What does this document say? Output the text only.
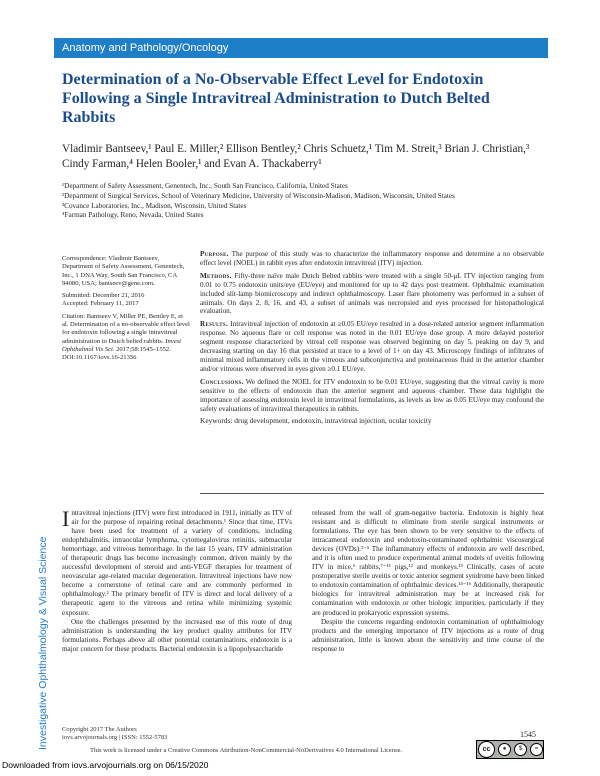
Anatomy and Pathology/Oncology
Determination of a No-Observable Effect Level for Endotoxin Following a Single Intravitreal Administration to Dutch Belted Rabbits
Vladimir Bantseev,¹ Paul E. Miller,² Ellison Bentley,² Chris Schuetz,¹ Tim M. Streit,³ Brian J. Christian,³ Cindy Farman,⁴ Helen Booler,¹ and Evan A. Thackaberry¹

¹Department of Safety Assessment, Genentech, Inc., South San Francisco, California, United States

²Department of Surgical Services, School of Veterinary Medicine, University of Wisconsin-Madison, Madison, Wisconsin, United States

³Covance Laboratories, Inc., Madison, Wisconsin, United States

⁴Farman Pathology, Reno, Nevada, United States

Correspondence: Vladimir Bantseev, Department of Safety Assessment, Genentech, Inc., 1 DNA Way, South San Francisco, CA 94080, USA; bantseev@gene.com.

Submitted: December 21, 2016
Accepted: February 11, 2017

Citation: Bantseev V, Miller PE, Bentley E, et al. Determination of a no-observable effect level for endotoxin following a single intravitreal administration to Dutch belted rabbits. Invest Ophthalmol Vis Sci. 2017;58:1545–1552. DOI:10.1167/iovs.16-21356

Purpose. The purpose of this study was to characterize the inflammatory response and determine a no observable effect level (NOEL) in rabbit eyes after endotoxin intravitreal (ITV) injection.

Methods. Fifty-three naïve male Dutch Belted rabbits were treated with a single 50-μL ITV injection ranging from 0.01 to 0.75 endotoxin units/eye (EU/eye) and monitored for up to 42 days post treatment. Ophthalmic examination included slit-lamp biomicroscopy and indirect ophthalmoscopy. Laser flare photometry was performed in a subset of animals. On days 2, 8, 16, and 43, a subset of animals was necropsied and eyes processed for histopathological evaluation.

Results. Intravitreal injection of endotoxin at ≥0.05 EU/eye resulted in a dose-related anterior segment inflammation response. No aqueous flare or cell response was noted in the 0.01 EU/eye dose group. A more delayed posterior segment response characterized by vitreal cell response was observed beginning on day 5, peaking on day 9, and decreasing starting on day 16 that persisted at trace to a level of 1+ on day 43. Microscopy findings of infiltrates of minimal mixed inflammatory cells in the vitreous and subconjunctiva and proteinaceous fluid in the anterior chamber and/or vitreous were observed in eyes given ≥0.1 EU/eye.

Conclusions. We defined the NOEL for ITV endotoxin to be 0.01 EU/eye, suggesting that the vitreal cavity is more sensitive to the effects of endotoxin than the anterior segment and aqueous chamber. These data highlight the importance of assessing endotoxin level in intravitreal formulations, as levels as low as 0.05 EU/eye may confound the safety evaluations of intravitreal therapeutics in rabbits.

Keywords: drug development, endotoxin, intravitreal injection, ocular toxicity

Intravitreal injections (ITV) were first introduced in 1911, initially as ITV of air for the purpose of repairing retinal detachments.¹ Since that time, ITVs have been used for treatment of a variety of conditions, including endophthalmitis, intraocular lymphoma, cytomegalovirus retinitis, submacular hemorrhage, and vitreous hemorrhage. In the last 15 years, ITV administration of therapeutic drugs has become increasingly common, driven mainly by the successful development of steroid and anti-VEGF therapies for treatment of neovascular age-related macular degeneration. Intravitreal injections have now become a cornerstone of retinal care and are commonly performed in ophthalmology.² The primary benefit of ITV is direct and local delivery of a therapeutic agent to the vitreous and retina while minimizing systemic exposure.

One the challenges presented by the increased use of this route of drug administration is understanding the key product quality attributes for ITV formulations. Perhaps above all other potential contaminations, endotoxin is a major concern for these products. Bacterial endotoxin is a lipopolysaccharide

released from the wall of gram-negative bacteria. Endotoxin is highly heat resistant and is difficult to eliminate from sterile surgical instruments or formulations. The eye has been shown to be very sensitive to the effects of intracameral endotoxin and endotoxin-contaminated ophthalmic viscosurgical devices (OVDs).³⁻⁵ The inflammatory effects of endotoxin are well described, and it is often used to produce experimental animal models of uveitis following ITV in mice,⁶ rabbits,⁷⁻¹¹ pigs,¹² and monkeys.¹³ Clinically, cases of acute postoperative sterile uveitis or toxic anterior segment syndrome have been linked to endotoxin contamination of ophthalmic devices.¹⁴⁻¹⁶ Additionally, therapeutic biologics for intravitreal administration may be at increased risk for contamination with endotoxin or other biologic impurities, particularly if they are produced in prokaryotic expression systems.

Despite the concerns regarding endotoxin contamination of ophthalmology products and the emerging importance of ITV injections as a route of drug administration, little is known about the sensitivity and time course of the response to

Investigative Ophthalmology & Visual Science Copyright 2017 The Authors
iovs.arvojournals.org | ISSN: 1552-5783	1545
This work is licensed under a Creative Commons Attribution-NonCommercial-NoDerivatives 4.0 International License.	cc	●	$	=
Downloaded from iovs.arvojournals.org on 06/15/2020
